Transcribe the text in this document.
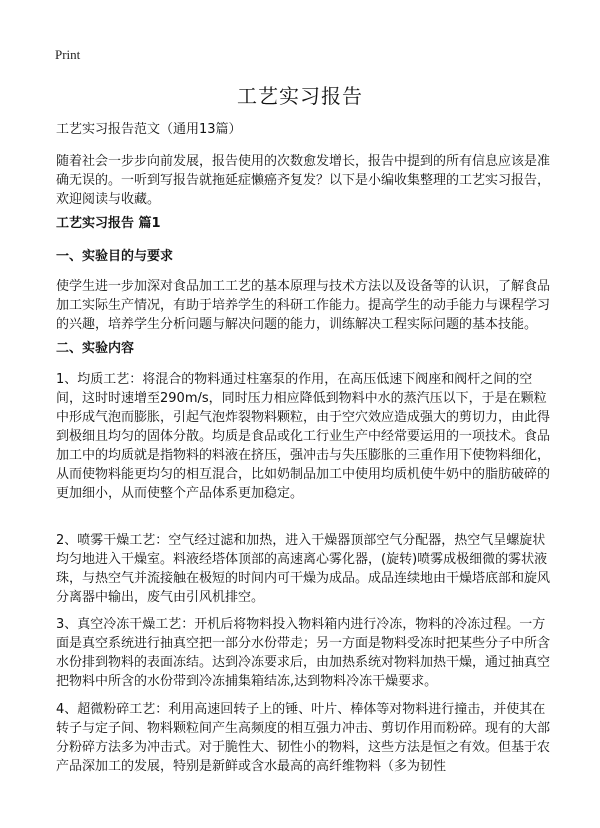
Print
工艺实习报告

工艺实习报告范文（通用13篇）

随着社会一步步向前发展，报告使用的次数愈发增长，报告中提到的所有信息应该是准确无误的。一听到写报告就拖延症懒癌齐复发？以下是小编收集整理的工艺实习报告，欢迎阅读与收藏。

工艺实习报告 篇1
一、实验目的与要求

使学生进一步加深对食品加工工艺的基本原理与技术方法以及设备等的认识，了解食品加工实际生产情况，有助于培养学生的科研工作能力。提高学生的动手能力与课程学习的兴趣，培养学生分析问题与解决问题的能力，训练解决工程实际问题的基本技能。

二、实验内容

1、均质工艺：将混合的物料通过柱塞泵的作用，在高压低速下阀座和阀杆之间的空间，这时时速增至290m/s，同时压力相应降低到物料中水的蒸汽压以下，于是在颗粒中形成气泡而膨胀，引起气泡炸裂物料颗粒，由于空穴效应造成强大的剪切力，由此得到极细且均匀的固体分散。均质是食品或化工行业生产中经常要运用的一项技术。食品加工中的均质就是指物料的料液在挤压，强冲击与失压膨胀的三重作用下使物料细化，从而使物料能更均匀的相互混合，比如奶制品加工中使用均质机使牛奶中的脂肪破碎的更加细小，从而使整个产品体系更加稳定。

2、喷雾干燥工艺：空气经过滤和加热，进入干燥器顶部空气分配器，热空气呈螺旋状均匀地进入干燥室。料液经塔体顶部的高速离心雾化器，(旋转)喷雾成极细微的雾状液珠，与热空气并流接触在极短的时间内可干燥为成品。成品连续地由干燥塔底部和旋风分离器中输出，废气由引风机排空。

3、真空冷冻干燥工艺：开机后将物料投入物料箱内进行冷冻，物料的冷冻过程。一方面是真空系统进行抽真空把一部分水份带走；另一方面是物料受冻时把某些分子中所含水份排到物料的表面冻结。达到冷冻要求后，由加热系统对物料加热干燥，通过抽真空把物料中所含的水份带到冷冻捕集箱结冻,达到物料冷冻干燥要求。

4、超微粉碎工艺：利用高速回转子上的锤、叶片、棒体等对物料进行撞击，并使其在转子与定子间、物料颗粒间产生高频度的相互强力冲击、剪切作用而粉碎。现有的大部分粉碎方法多为冲击式。对于脆性大、韧性小的物料，这些方法是恒之有效。但基于农产品深加工的发展，特别是新鲜或含水最高的高纤维物料（多为韧性
